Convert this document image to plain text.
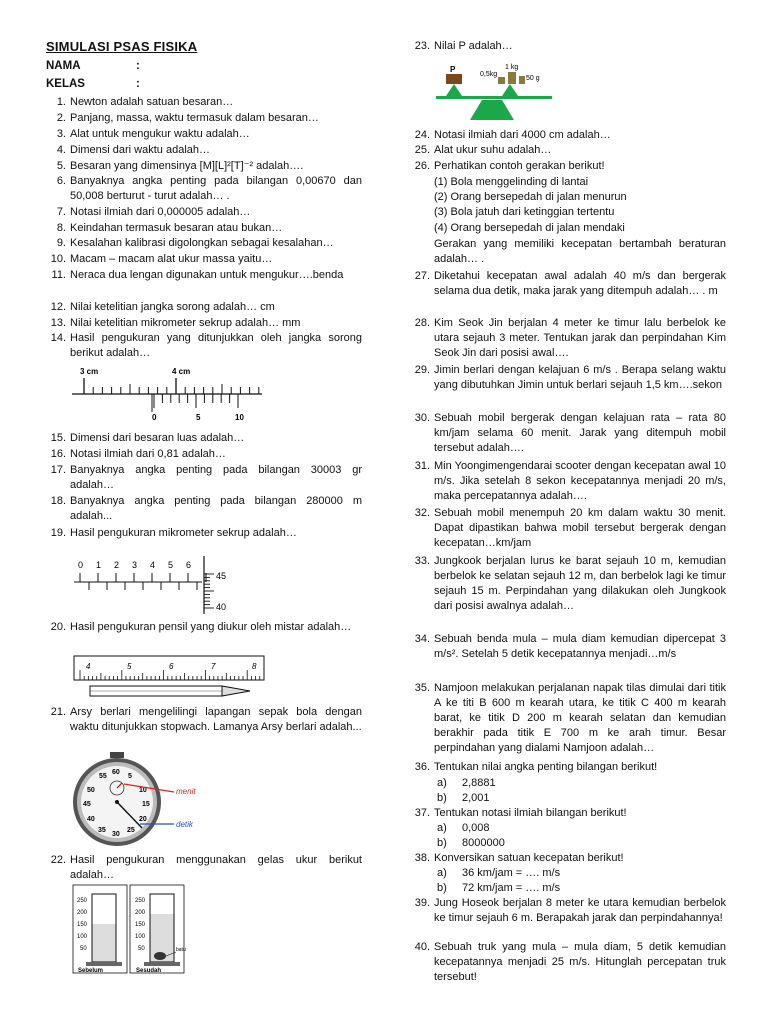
SIMULASI PSAS FISIKA
NAMA	:
KELAS	:
1. Newton adalah satuan besaran…
2. Panjang, massa, waktu termasuk dalam besaran…
3. Alat untuk mengukur waktu adalah…
4. Dimensi dari waktu adalah…
5. Besaran yang dimensinya [M][L]²[T]⁻² adalah….
6. Banyaknya angka penting pada bilangan 0,00670 dan 50,008 berturut - turut adalah… .
7. Notasi ilmiah dari 0,000005 adalah…
8. Keindahan termasuk besaran atau bukan…
9. Kesalahan kalibrasi digolongkan sebagai kesalahan…
10. Macam – macam alat ukur massa yaitu…
11. Neraca dua lengan digunakan untuk mengukur….benda
12. Nilai ketelitian jangka sorong adalah… cm
13. Nilai ketelitian mikrometer sekrup adalah… mm
14. Hasil pengukuran yang ditunjukkan oleh jangka sorong berikut adalah…
3 cm	4 cm
0	5	10
15. Dimensi dari besaran luas adalah…
16. Notasi ilmiah dari 0,81 adalah…
17. Banyaknya angka penting pada bilangan 30003 gr adalah…
18. Banyaknya angka penting pada bilangan 280000 m adalah...
19. Hasil pengukuran mikrometer sekrup adalah…
0 1 2 3 4 5 6
45
40
20. Hasil pengukuran pensil yang diukur oleh mistar adalah…
4	5	6	7	8
21. Arsy berlari mengelilingi lapangan sepak bola dengan waktu ditunjukkan stopwach. Lamanya Arsy berlari adalah...
55
60
5
50	10
45	15
40	20
35
30
25
menit
detik
22. Hasil pengukuran menggunakan gelas ukur berikut adalah…
250
200
150
100
50
250
200
150
100
50	batu
Sebelum	Sesudah
23. Nilai P adalah…
P
0,5kg
1 kg
50 g
24. Notasi ilmiah dari 4000 cm adalah…
25. Alat ukur suhu adalah…
26. Perhatikan contoh gerakan berikut!
(1) Bola menggelinding di lantai
(2) Orang bersepedah di jalan menurun
(3) Bola jatuh dari ketinggian tertentu
(4) Orang bersepedah di jalan mendaki
Gerakan yang memiliki kecepatan bertambah beraturan adalah… .
27. Diketahui kecepatan awal adalah 40 m/s dan bergerak selama dua detik, maka jarak yang ditempuh adalah… . m
28. Kim Seok Jin berjalan 4 meter ke timur lalu berbelok ke utara sejauh 3 meter. Tentukan jarak dan perpindahan Kim Seok Jin dari posisi awal….
29. Jimin berlari dengan kelajuan 6 m/s . Berapa selang waktu yang dibutuhkan Jimin untuk berlari sejauh 1,5 km….sekon
30. Sebuah mobil bergerak dengan kelajuan rata – rata 80 km/jam selama 60 menit. Jarak yang ditempuh mobil tersebut adalah….
31. Min Yoongimengendarai scooter dengan kecepatan awal 10 m/s. Jika setelah 8 sekon kecepatannya menjadi 20 m/s, maka percepatannya adalah….
32. Sebuah mobil menempuh 20 km dalam waktu 30 menit. Dapat dipastikan bahwa mobil tersebut bergerak dengan kecepatan…km/jam
33. Jungkook berjalan lurus ke barat sejauh 10 m, kemudian berbelok ke selatan sejauh 12 m, dan berbelok lagi ke timur sejauh 15 m. Perpindahan yang dilakukan oleh Jungkook dari posisi awalnya adalah…
34. Sebuah benda mula – mula diam kemudian dipercepat 3 m/s². Setelah 5 detik kecepatannya menjadi…m/s
35. Namjoon melakukan perjalanan napak tilas dimulai dari titik A ke titi B 600 m kearah utara, ke titik C 400 m kearah barat, ke titik D 200 m kearah selatan dan kemudian berakhir pada titik E 700 m ke arah timur. Besar perpindahan yang dialami Namjoon adalah…
36. Tentukan nilai angka penting bilangan berikut!
a) 2,8881
b) 2,001
37. Tentukan notasi ilmiah bilangan berikut!
a) 0,008
b) 8000000
38. Konversikan satuan kecepatan berikut!
a) 36 km/jam = …. m/s
b) 72 km/jam = …. m/s
39. Jung Hoseok berjalan 8 meter ke utara kemudian berbelok ke timur sejauh 6 m. Berapakah jarak dan perpindahannya!
40. Sebuah truk yang mula – mula diam, 5 detik kemudian kecepatannya menjadi 25 m/s. Hitunglah percepatan truk tersebut!
